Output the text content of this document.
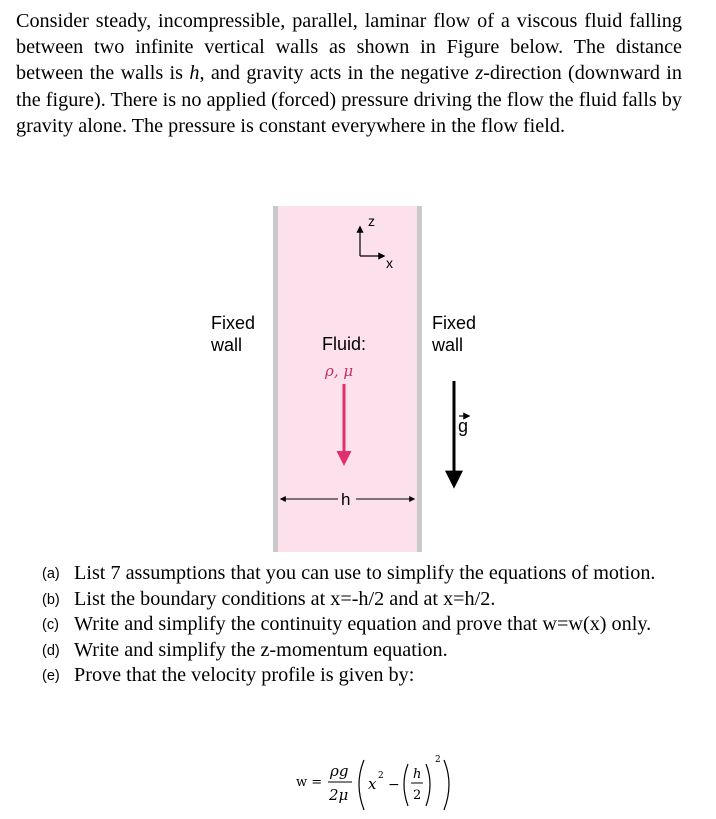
Consider steady, incompressible, parallel, laminar flow of a viscous fluid falling between two infinite vertical walls as shown in Figure below. The distance between the walls is h, and gravity acts in the negative z-direction (downward in the figure). There is no applied (forced) pressure driving the flow the fluid falls by gravity alone. The pressure is constant everywhere in the flow field.

z
x
Fixed
wall
Fixed
wall
Fluid:
ρ, μ
g
h
(a) List 7 assumptions that you can use to simplify the equations of motion.
(b) List the boundary conditions at x=-h/2 and at x=h/2.
(c) Write and simplify the continuity equation and prove that w=w(x) only.
(d) Write and simplify the z-momentum equation.
(e) Prove that the velocity profile is given by:
w =
ρg
2μ
x 2
−
h
2
2
